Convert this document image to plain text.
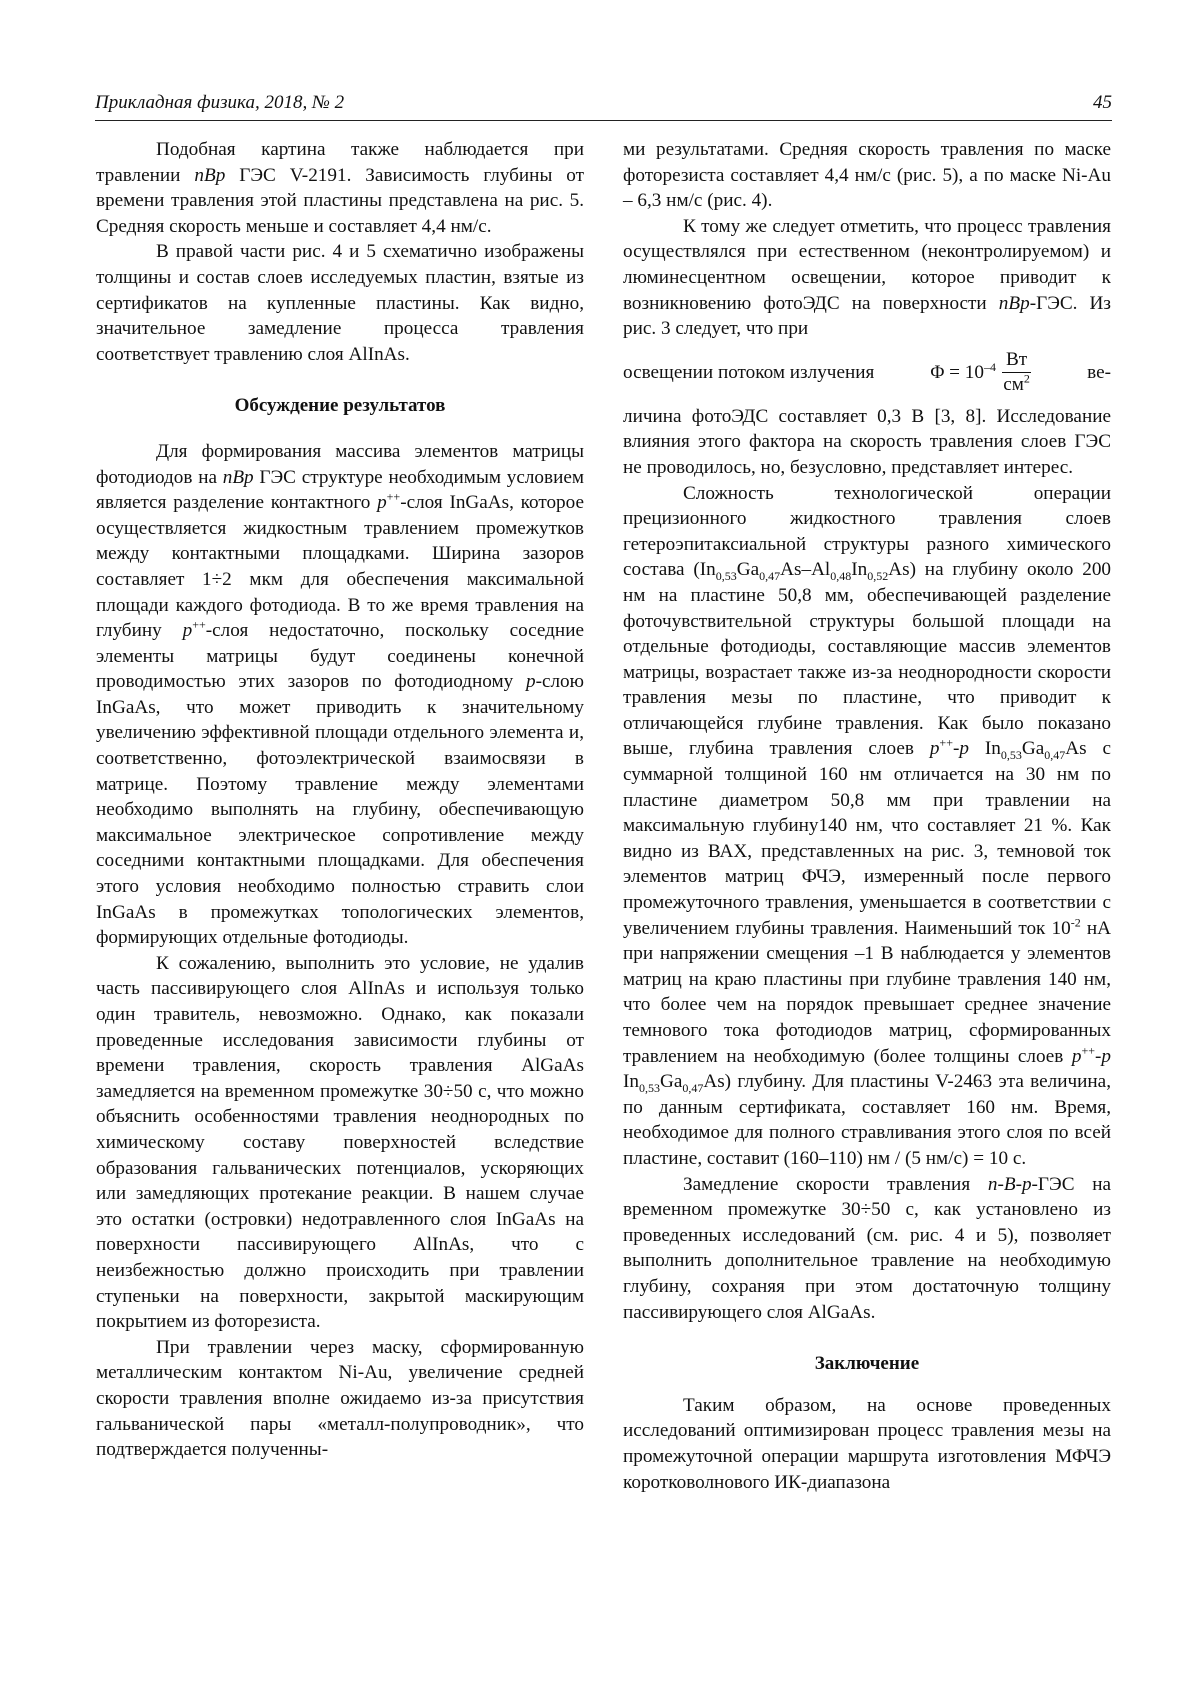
Прикладная физика, 2018, № 2	45

Подобная картина также наблюдается при травлении nBp ГЭС V-2191. Зависимость глубины от времени травления этой пластины представлена на рис. 5. Средняя скорость меньше и составляет 4,4 нм/с.

В правой части рис. 4 и 5 схематично изображены толщины и состав слоев исследуемых пластин, взятые из сертификатов на купленные пластины. Как видно, значительное замедление процесса травления соответствует травлению слоя AlInAs.

Обсуждение результатов

Для формирования массива элементов матрицы фотодиодов на nBp ГЭС структуре необходимым условием является разделение контактного p++-слоя InGaAs, которое осуществляется жидкостным травлением промежутков между контактными площадками. Ширина зазоров составляет 1÷2 мкм для обеспечения максимальной площади каждого фотодиода. В то же время травления на глубину p++-слоя недостаточно, поскольку соседние элементы матрицы будут соединены конечной проводимостью этих зазоров по фотодиодному p-слою InGaAs, что может приводить к значительному увеличению эффективной площади отдельного элемента и, соответственно, фотоэлектрической взаимосвязи в матрице. Поэтому травление между элементами необходимо выполнять на глубину, обеспечивающую максимальное электрическое сопротивление между соседними контактными площадками. Для обеспечения этого условия необходимо полностью стравить слои InGaAs в промежутках топологических элементов, формирующих отдельные фотодиоды.

К сожалению, выполнить это условие, не удалив часть пассивирующего слоя AlInAs и используя только один травитель, невозможно. Однако, как показали проведенные исследования зависимости глубины от времени травления, скорость травления AlGaAs замедляется на временном промежутке 30÷50 с, что можно объяснить особенностями травления неоднородных по химическому составу поверхностей вследствие образования гальванических потенциалов, ускоряющих или замедляющих протекание реакции. В нашем случае это остатки (островки) недотравленного слоя InGaAs на поверхности пассивирующего AlInAs, что с неизбежностью должно происходить при травлении ступеньки на поверхности, закрытой маскирующим покрытием из фоторезиста.

При травлении через маску, сформированную металлическим контактом Ni-Au, увеличение средней скорости травления вполне ожидаемо из-за присутствия гальванической пары «металл-полупроводник», что подтверждается полученны-

ми результатами. Средняя скорость травления по маске фоторезиста составляет 4,4 нм/с (рис. 5), а по маске Ni-Au – 6,3 нм/с (рис. 4).

К тому же следует отметить, что процесс травления осуществлялся при естественном (неконтролируемом) и люминесцентном освещении, которое приводит к возникновению фотоЭДС на поверхности nBp-ГЭС. Из рис. 3 следует, что при

освещении потоком излучения	$\Phi = 10^{-4} \frac{Вт}{см^2}$	ве-

личина фотоЭДС составляет 0,3 В [3, 8]. Исследование влияния этого фактора на скорость травления слоев ГЭС не проводилось, но, безусловно, представляет интерес.

Сложность технологической операции прецизионного жидкостного травления слоев гетероэпитаксиальной структуры разного химического состава $(In_{0,53}Ga_{0,47}As-Al_{0,48}In_{0,52}As)$ на глубину около 200 нм на пластине 50,8 мм, обеспечивающей разделение фоточувствительной структуры большой площади на отдельные фотодиоды, составляющие массив элементов матрицы, возрастает также из-за неоднородности скорости травления мезы по пластине, что приводит к отличающейся глубине травления. Как было показано выше, глубина травления слоев p++-p $In_{0,53}Ga_{0,47}As$ с суммарной толщиной 160 нм отличается на 30 нм по пластине диаметром 50,8 мм при травлении на максимальную глубину140 нм, что составляет 21 %. Как видно из ВАХ, представленных на рис. 3, темновой ток элементов матриц ФЧЭ, измеренный после первого промежуточного травления, уменьшается в соответствии с увеличением глубины травления. Наименьший ток $10^{-2}$ нА при напряжении смещения –1 В наблюдается у элементов матриц на краю пластины при глубине травления 140 нм, что более чем на порядок превышает среднее значение темнового тока фотодиодов матриц, сформированных травлением на необходимую (более толщины слоев p++-p $In_{0,53}Ga_{0,47}As$) глубину. Для пластины V-2463 эта величина, по данным сертификата, составляет 160 нм. Время, необходимое для полного стравливания этого слоя по всей пластине, составит (160–110) нм / (5 нм/с) = 10 с.

Замедление скорости травления n-B-p-ГЭС на временном промежутке 30÷50 с, как установлено из проведенных исследований (см. рис. 4 и 5), позволяет выполнить дополнительное травление на необходимую глубину, сохраняя при этом достаточную толщину пассивирующего слоя AlGaAs.

Заключение

Таким образом, на основе проведенных исследований оптимизирован процесс травления мезы на промежуточной операции маршрута изготовления МФЧЭ коротковолнового ИК-диапазона
